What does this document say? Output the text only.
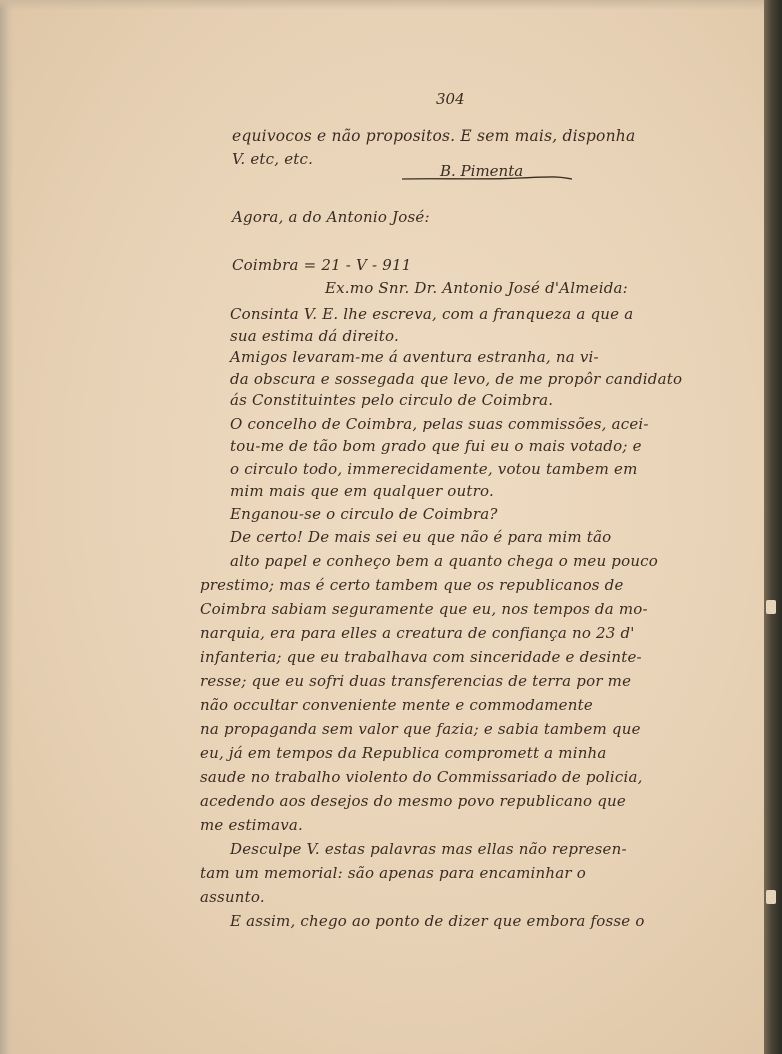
304
equivocos e não propositos. E sem mais, disponha
V. etc, etc.
B. Pimenta
Agora, a do Antonio José:
Coimbra = 21 - V - 911
Ex.mo Snr. Dr. Antonio José d'Almeida:
Consinta V. E. lhe escreva, com a franqueza a que a
sua estima dá direito.
Amigos levaram-me á aventura estranha, na vi-
da obscura e sossegada que levo, de me propôr candidato
ás Constituintes pelo circulo de Coimbra.
O concelho de Coimbra, pelas suas commissões, acei-
tou-me de tão bom grado que fui eu o mais votado; e
o circulo todo, immerecidamente, votou tambem em
mim mais que em qualquer outro.
Enganou-se o circulo de Coimbra?
De certo! De mais sei eu que não é para mim tão
alto papel e conheço bem a quanto chega o meu pouco
prestimo; mas é certo tambem que os republicanos de
Coimbra sabiam seguramente que eu, nos tempos da mo-
narquia, era para elles a creatura de confiança no 23 d'
infanteria; que eu trabalhava com sinceridade e desinte-
resse; que eu sofri duas transferencias de terra por me
não occultar conveniente mente e commodamente
na propaganda sem valor que fazia; e sabia tambem que
eu, já em tempos da Republica compromett a minha
saude no trabalho violento do Commissariado de policia,
acedendo aos desejos do mesmo povo republicano que
me estimava.
Desculpe V. estas palavras mas ellas não represen-
tam um memorial: são apenas para encaminhar o
assunto.
E assim, chego ao ponto de dizer que embora fosse o
